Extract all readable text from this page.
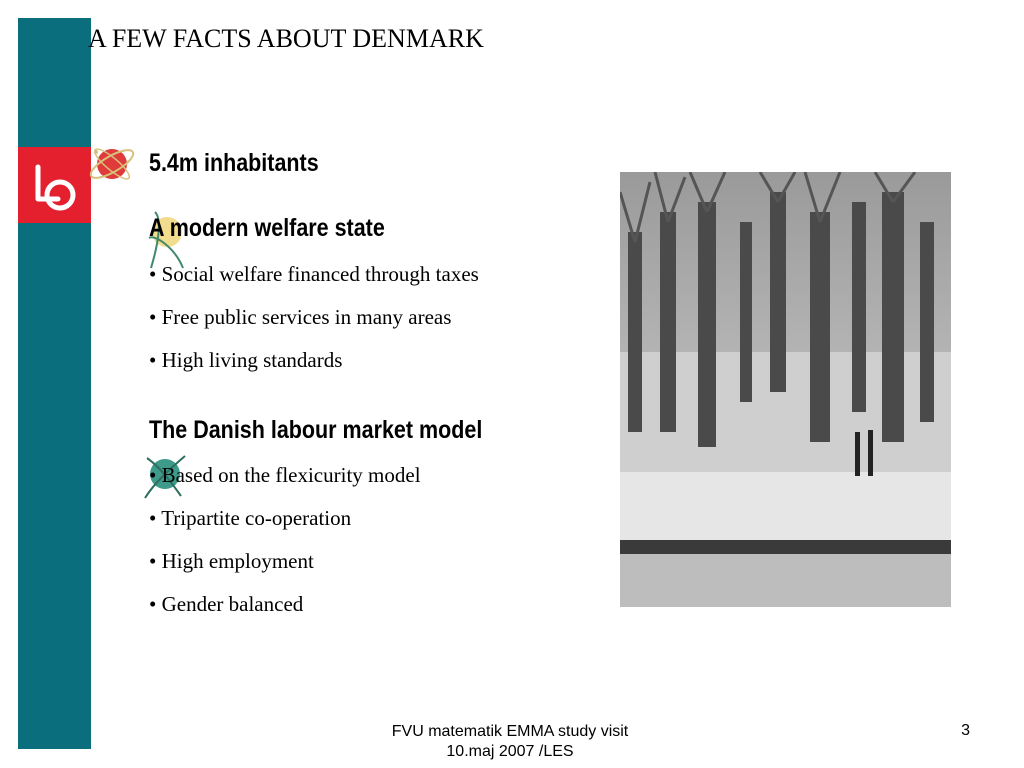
A FEW FACTS ABOUT DENMARK
5.4m inhabitants
A modern welfare state
• Social welfare financed through taxes
• Free public services in many areas
• High living standards
The Danish labour market model
• Based on the flexicurity model
• Tripartite co-operation
• High employment
• Gender balanced
FVU matematik EMMA study visit
10.maj 2007 /LES
3
